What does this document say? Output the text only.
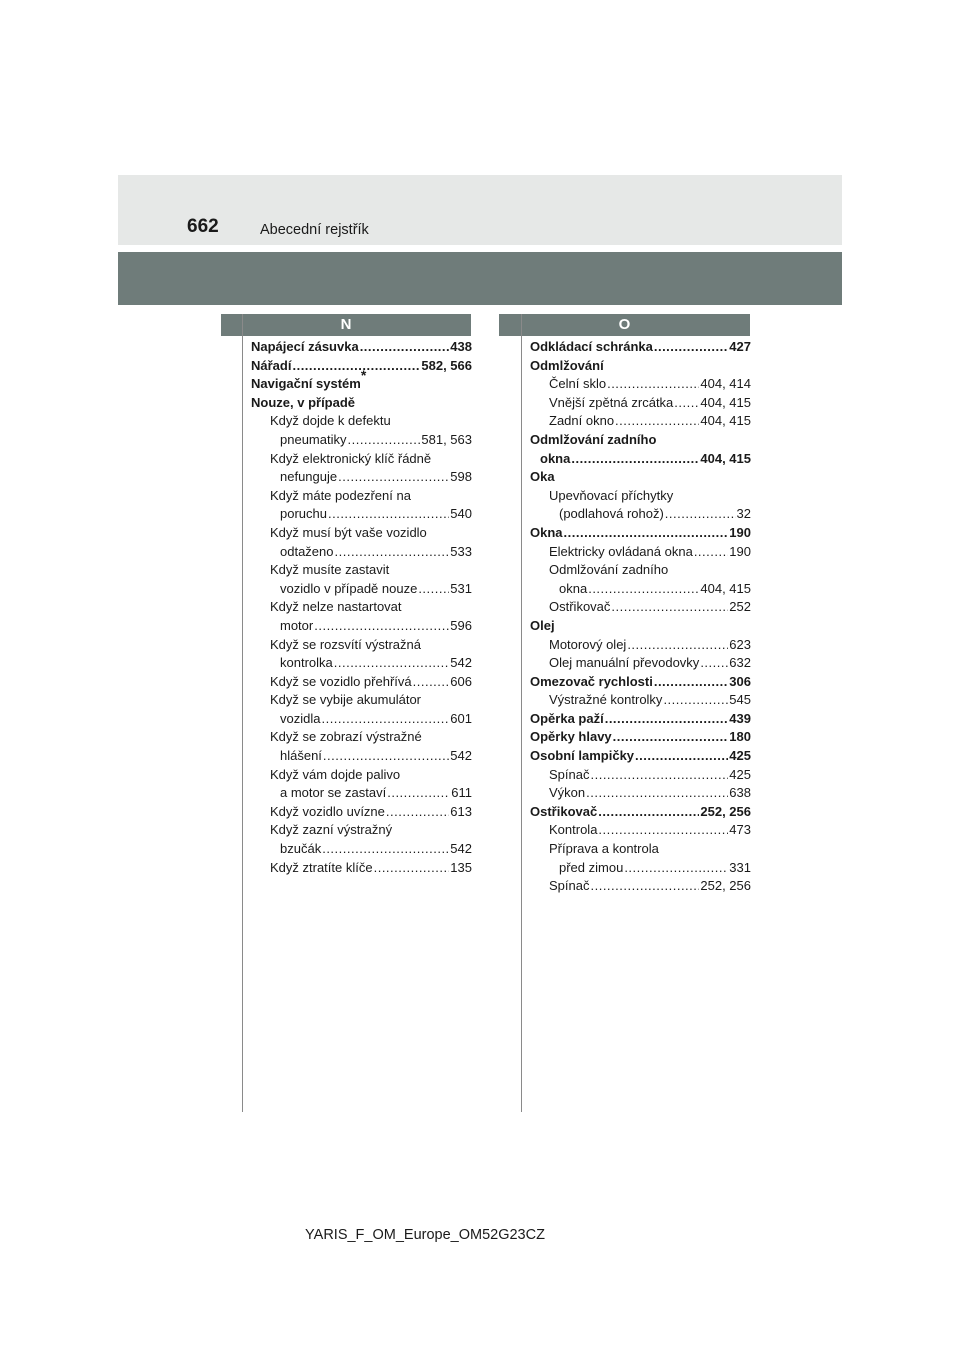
662	Abecední rejstřík
N	O
Napájecí zásuvka .....	438
Nářadí .....	582, 566
Navigační systém*
Nouze, v případě
Když dojde k defektu
pneumatiky .....	581, 563
Když elektronický klíč řádně
nefunguje .....	598
Když máte podezření na
poruchu .....	540
Když musí být vaše vozidlo
odtaženo .....	533
Když musíte zastavit
vozidlo v případě nouze .....	531
Když nelze nastartovat
motor .....	596
Když se rozsvítí výstražná
kontrolka .....	542
Když se vozidlo přehřívá .....	606
Když se vybije akumulátor
vozidla .....	601
Když se zobrazí výstražné
hlášení .....	542
Když vám dojde palivo
a motor se zastaví .....	611
Když vozidlo uvízne .....	613
Když zazní výstražný
bzučák .....	542
Když ztratíte klíče .....	135
Odkládací schránka .....	427
Odmlžování
Čelní sklo .....	404, 414
Vnější zpětná zrcátka ..... 404, 415
Zadní okno .....	404, 415
Odmlžování zadního
okna .....	404, 415
Oka
Upevňovací příchytky
(podlahová rohož) .....	32
Okna .....	190
Elektricky ovládaná okna .....	190
Odmlžování zadního
okna .....	404, 415
Ostřikovač .....	252
Olej
Motorový olej .....	623
Olej manuální převodovky ..... 632
Omezovač rychlosti .....	306
Výstražné kontrolky .....	545
Opěrka paží .....	439
Opěrky hlavy .....	180
Osobní lampičky .....	425
Spínač .....	425
Výkon .....	638
Ostřikovač .....	252, 256
Kontrola .....	473
Příprava a kontrola
před zimou .....	331
Spínač .....	252, 256
YARIS_F_OM_Europe_OM52G23CZ
